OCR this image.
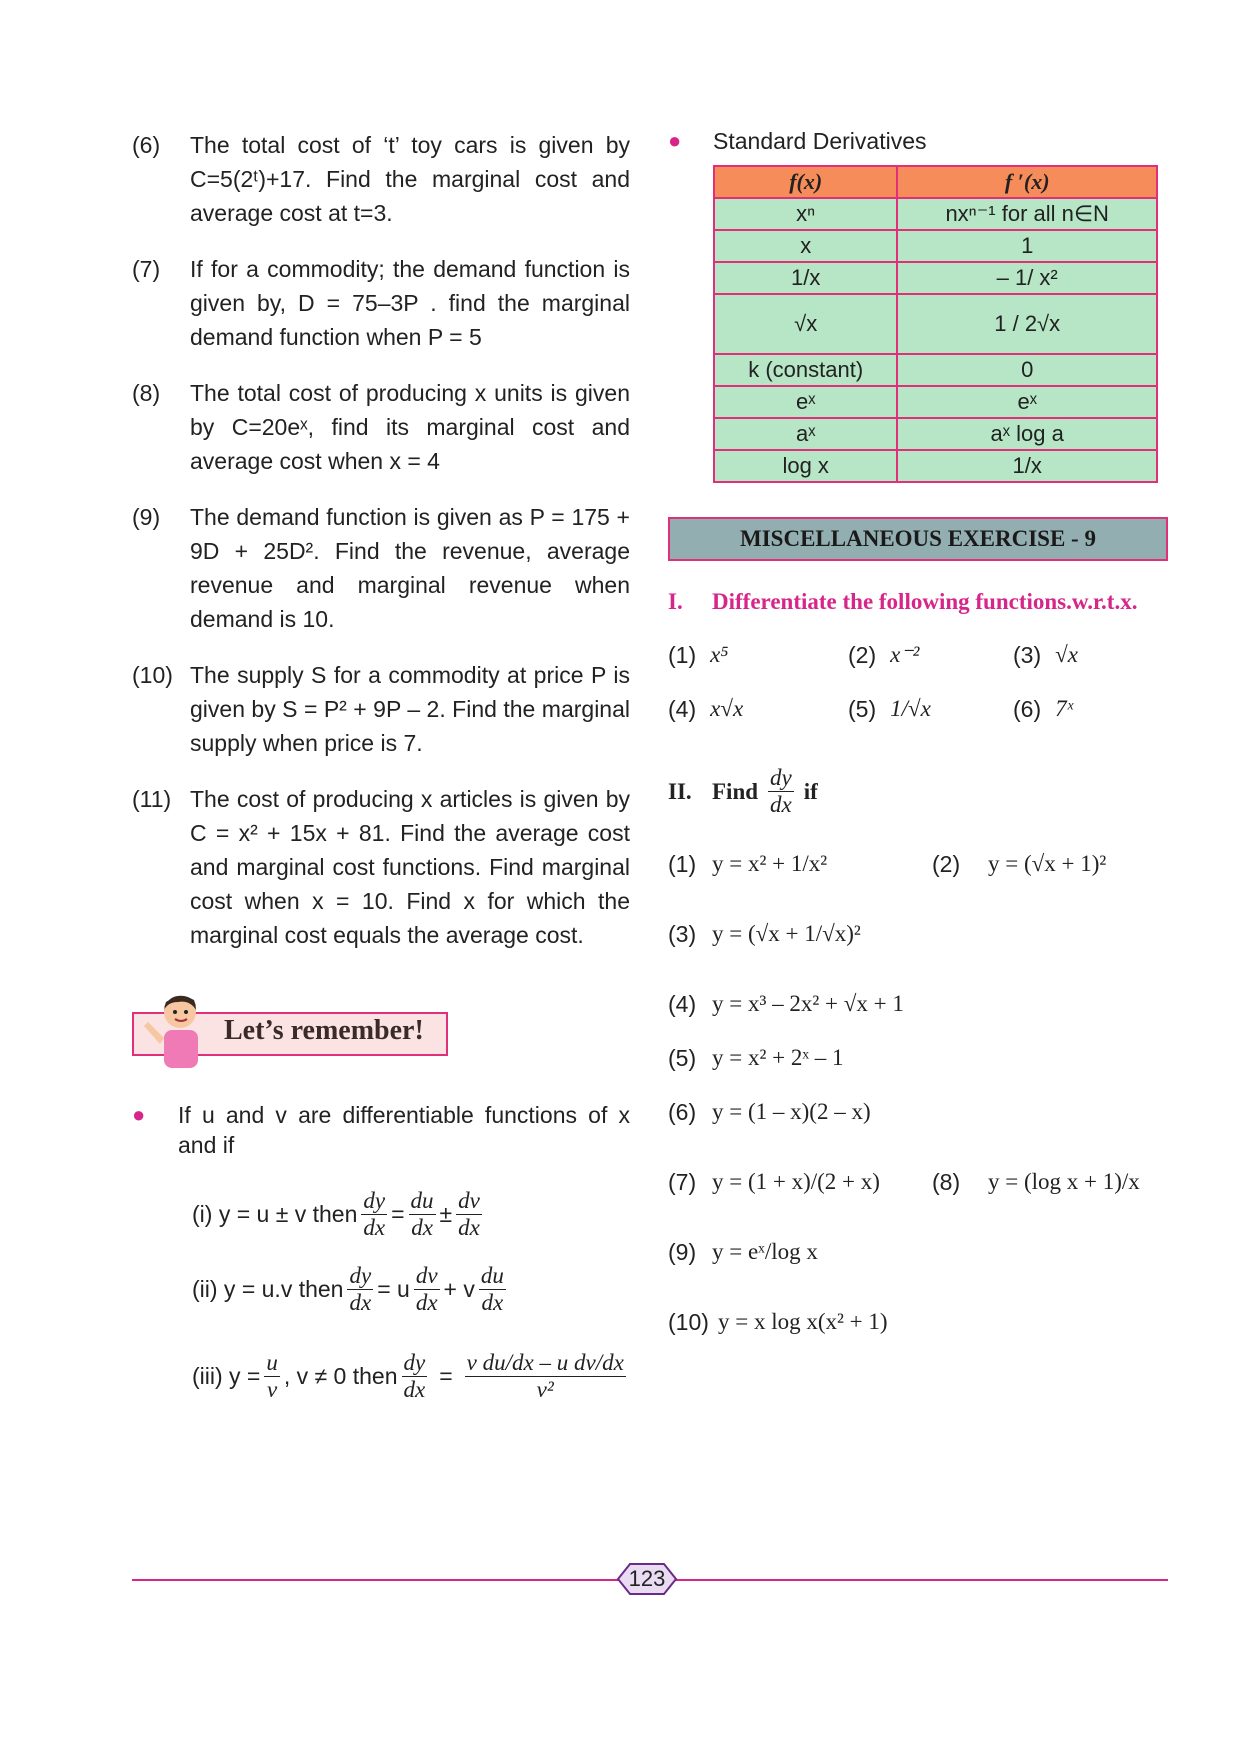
(6)	The total cost of ‘t’ toy cars is given by C=5(2ᵗ)+17. Find the marginal cost and average cost at t=3.
(7)	If for a commodity; the demand function is given by, D = 75–3P . find the marginal demand function when P = 5
(8)	The total cost of producing x units is given by C=20eˣ, find its marginal cost and average cost when x = 4
(9)	The demand function is given as P = 175 + 9D + 25D². Find the revenue, average revenue and marginal revenue when demand is 10.
(10) The supply S for a commodity at price P is given by S = P² + 9P – 2. Find the marginal supply when price is 7.
(11) The cost of producing x articles is given by C = x² + 15x + 81. Find the average cost and marginal cost functions. Find marginal cost when x = 10. Find x for which the marginal cost equals the average cost.
Let’s remember!
●	If u and v are differentiable functions of x and if
(i) y = u ± v then $\frac{dy}{dx} = \frac{du}{dx} \pm \frac{dv}{dx}$
(ii) y = u.v then $\frac{dy}{dx} = u \frac{dv}{dx} + v \frac{du}{dx}$
(iii) $y = \frac{u}{v}$ , v ≠ 0 then $\frac{dy}{dx} = \frac{\text{v du/dx – u dv/dx}}{\text{v²}}$
●	Standard Derivatives
f(x)	f ′(x)
xⁿ	nxⁿ⁻¹ for all n∈N
x	1
1/x	– 1/ x²
√x	1 / 2√x
k (constant)	0
eˣ	eˣ
aˣ	aˣ log a
log x	1/x
MISCELLANEOUS EXERCISE - 9
I.	Differentiate the following functions.w.r.t.x.
(1) x⁵	(2) x⁻²	(3) √x
(4) x√x	(5) 1/√x	(6) 7ˣ
II. Find $\frac{dy}{dx}$ if
(1) y = x² + 1/x²	(2)	y = (√x + 1)²
(3) y = (√x + 1/√x)²
(4) y = x³ – 2x² + √x + 1
(5) y = x² + 2ˣ – 1
(6) y = (1 – x)(2 – x)
(7) y = (1 + x)/(2 + x)	(8)	y = (log x + 1)/x
(9) y = eˣ/log x
(10) y = x log x(x² + 1)
123
